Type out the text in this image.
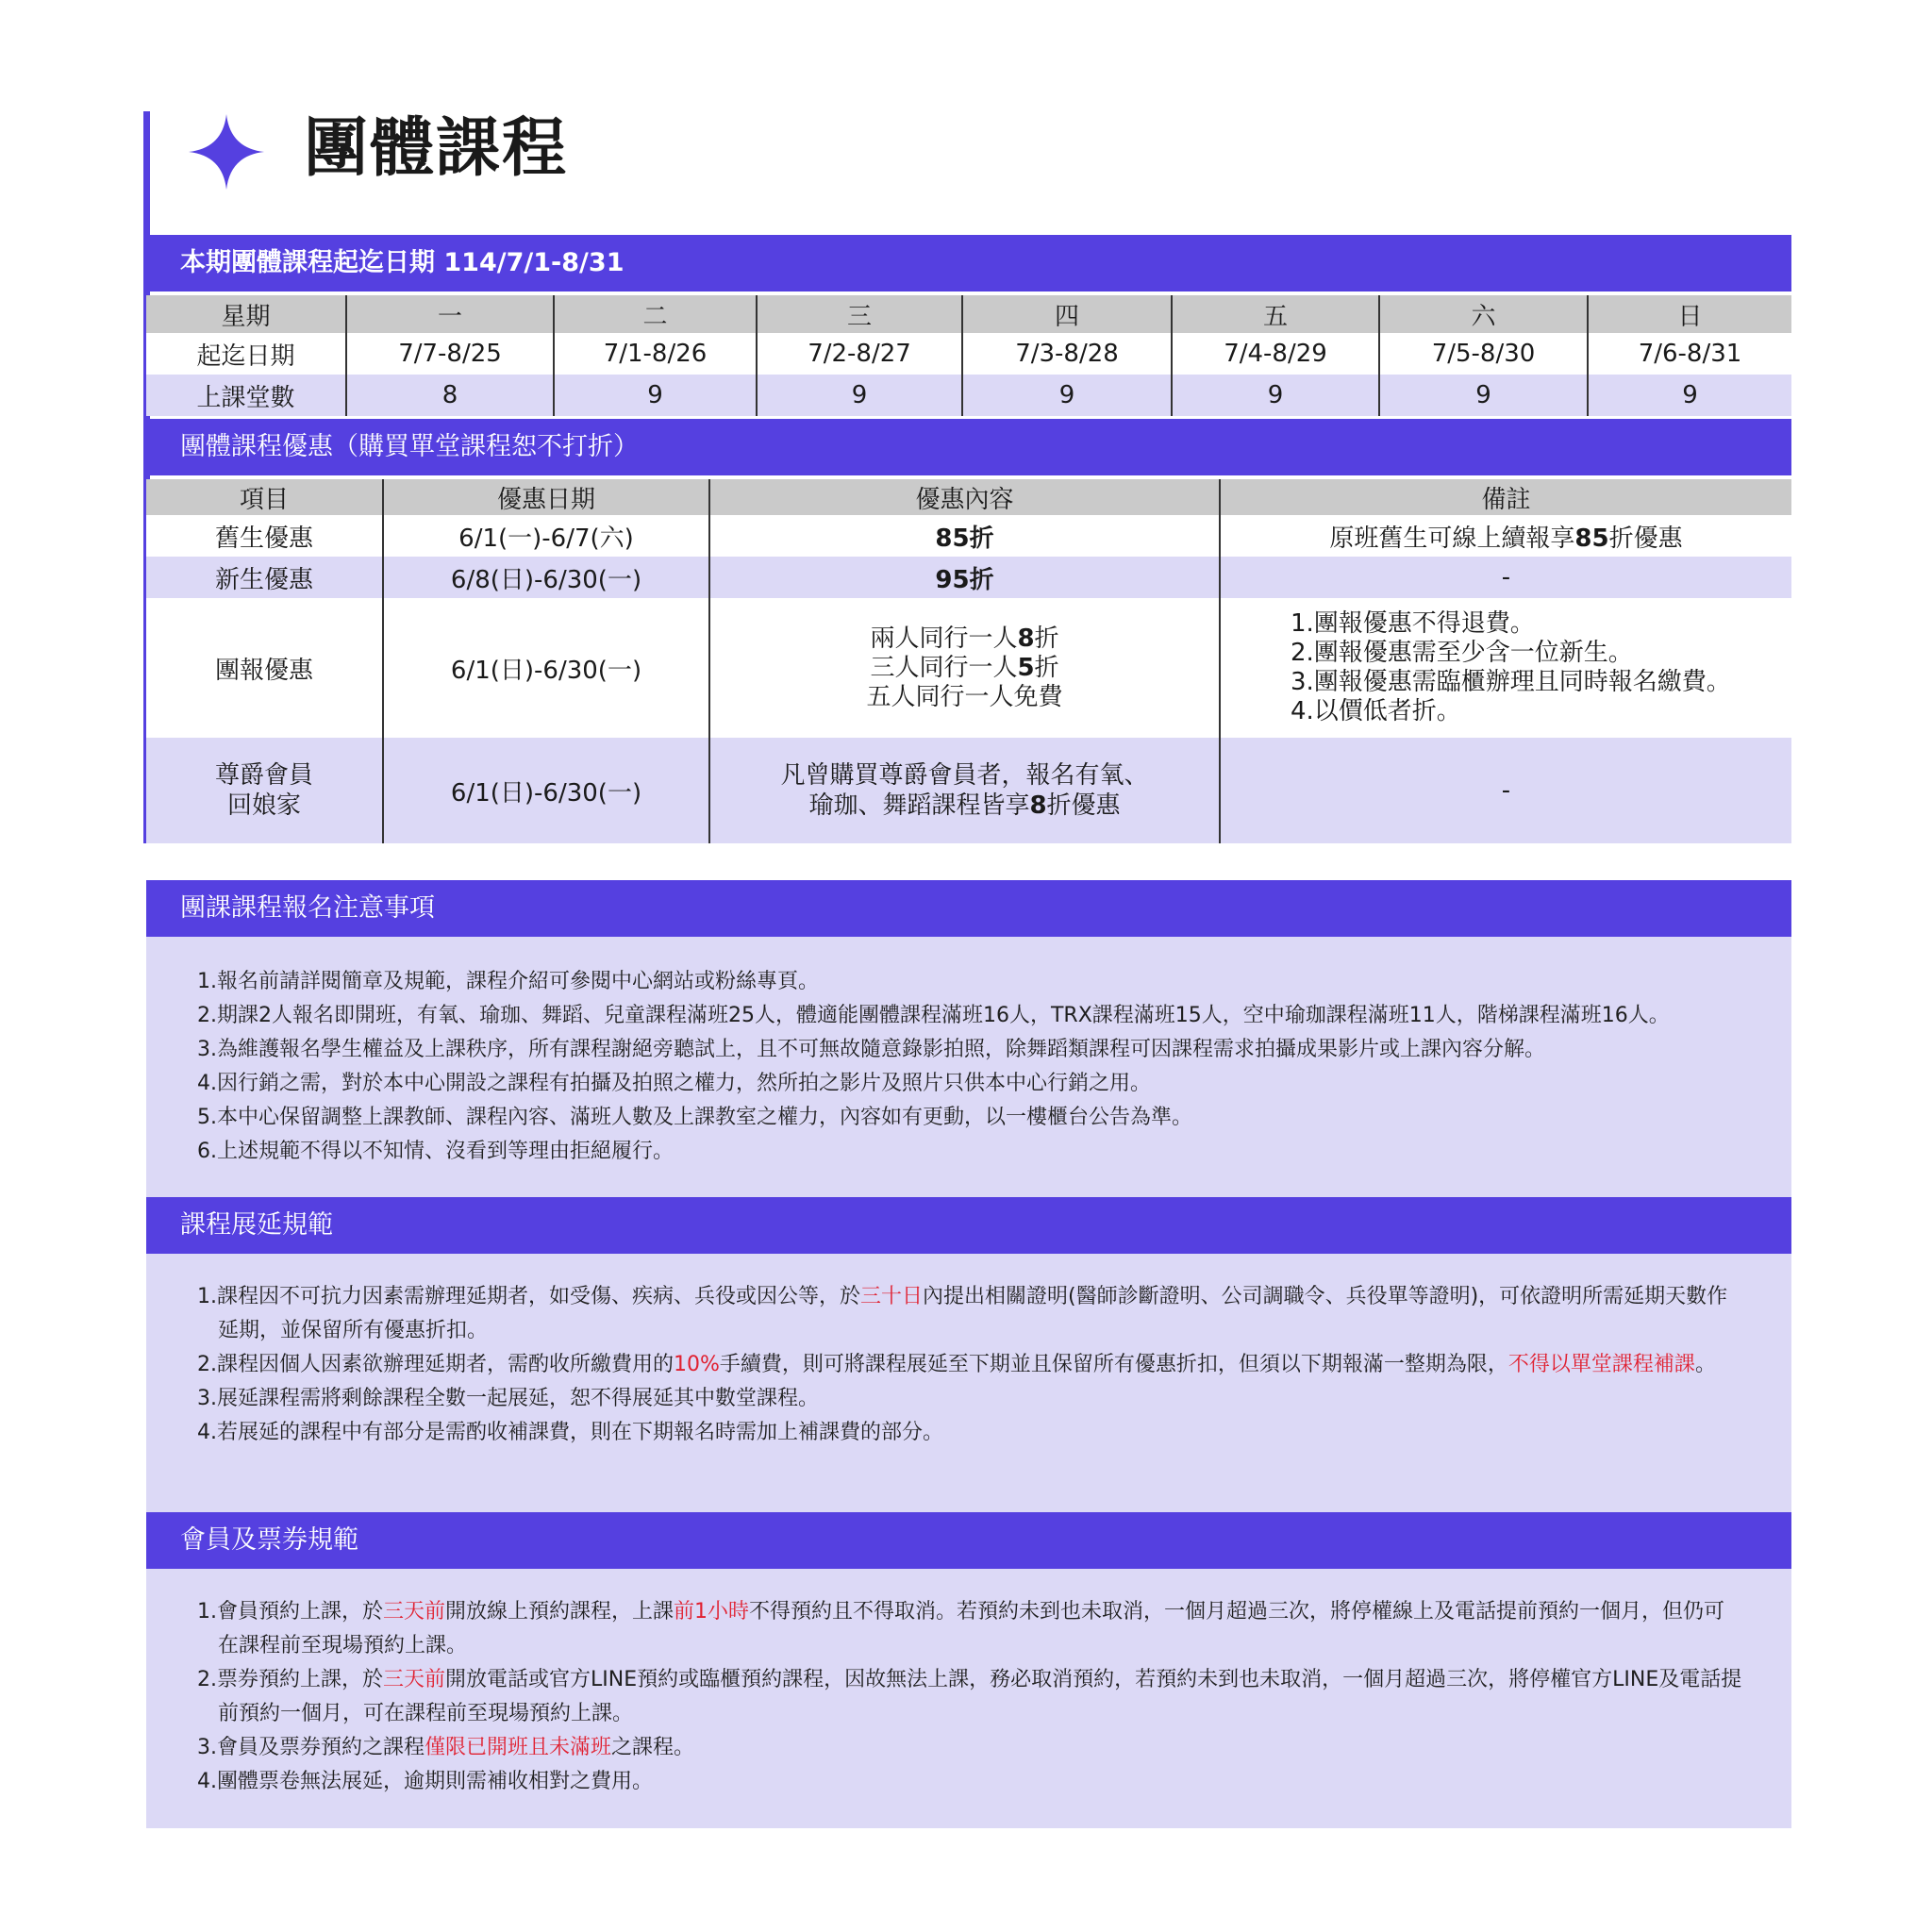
團體課程
本期團體課程起迄日期 114/7/1-8/31
星期	一	二	三	四	五	六	日
起迄日期	7/7-8/25	7/1-8/26	7/2-8/27	7/3-8/28	7/4-8/29	7/5-8/30	7/6-8/31
上課堂數	8	9	9	9	9	9	9
團體課程優惠（購買單堂課程恕不打折）
項目	優惠日期	優惠內容	備註

舊生優惠	6/1(一)-6/7(六)	85折	原班舊生可線上續報享85折優惠

新生優惠	6/8(日)-6/30(一)	95折	-

團報優惠	6/1(日)-6/30(一)	兩人同行一人8折
三人同行一人5折
五人同行一人免費	1.團報優惠不得退費。
2.團報優惠需至少含一位新生。
3.團報優惠需臨櫃辦理且同時報名繳費。
4.以價低者折。

尊爵會員
回娘家	6/1(日)-6/30(一)	凡曾購買尊爵會員者，報名有氧、
瑜珈、舞蹈課程皆享8折優惠	-
團課課程報名注意事項
1.報名前請詳閱簡章及規範，課程介紹可參閱中心網站或粉絲專頁。
2.期課2人報名即開班，有氧、瑜珈、舞蹈、兒童課程滿班25人，體適能團體課程滿班16人，TRX課程滿班15人，空中瑜珈課程滿班11人，階梯課程滿班16人。
3.為維護報名學生權益及上課秩序，所有課程謝絕旁聽試上，且不可無故隨意錄影拍照，除舞蹈類課程可因課程需求拍攝成果影片或上課內容分解。
4.因行銷之需，對於本中心開設之課程有拍攝及拍照之權力，然所拍之影片及照片只供本中心行銷之用。
5.本中心保留調整上課教師、課程內容、滿班人數及上課教室之權力，內容如有更動，以一樓櫃台公告為準。
6.上述規範不得以不知情、沒看到等理由拒絕履行。
課程展延規範
1.課程因不可抗力因素需辦理延期者，如受傷、疾病、兵役或因公等，於三十日內提出相關證明(醫師診斷證明、公司調職令、兵役單等證明)，可依證明所需延期天數作延期，並保留所有優惠折扣。
2.課程因個人因素欲辦理延期者，需酌收所繳費用的10%手續費，則可將課程展延至下期並且保留所有優惠折扣，但須以下期報滿一整期為限，不得以單堂課程補課。
3.展延課程需將剩餘課程全數一起展延，恕不得展延其中數堂課程。
4.若展延的課程中有部分是需酌收補課費，則在下期報名時需加上補課費的部分。
會員及票券規範
1.會員預約上課，於三天前開放線上預約課程，上課前1小時不得預約且不得取消。若預約未到也未取消，一個月超過三次，將停權線上及電話提前預約一個月，但仍可在課程前至現場預約上課。
2.票券預約上課，於三天前開放電話或官方LINE預約或臨櫃預約課程，因故無法上課，務必取消預約，若預約未到也未取消，一個月超過三次，將停權官方LINE及電話提前預約一個月，可在課程前至現場預約上課。
3.會員及票券預約之課程僅限已開班且未滿班之課程。
4.團體票卷無法展延，逾期則需補收相對之費用。
